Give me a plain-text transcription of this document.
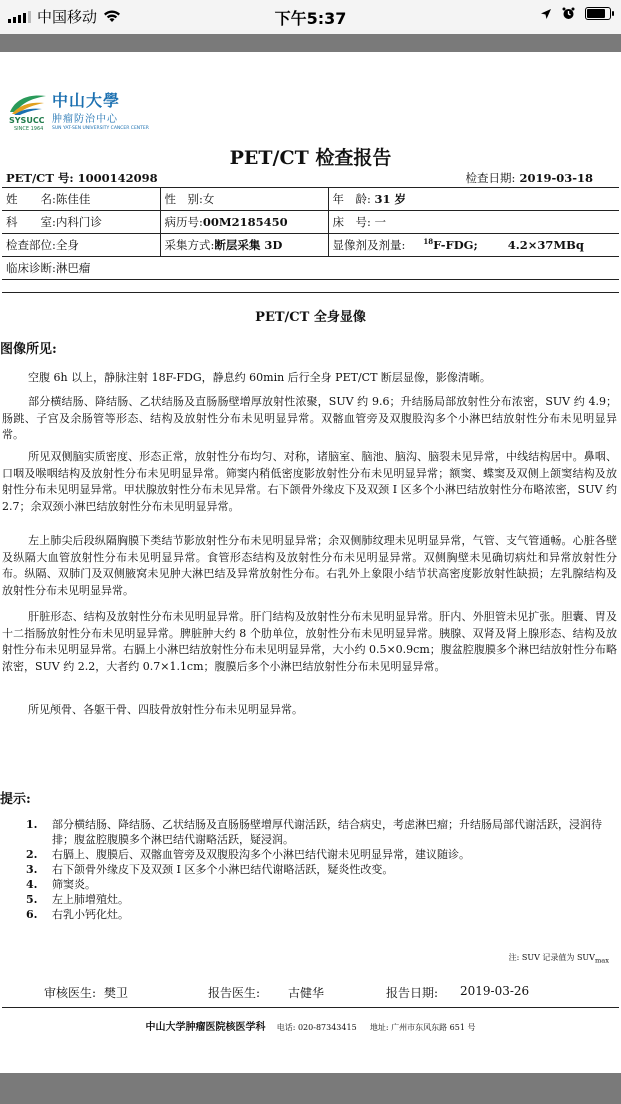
中国移动	下午5:37
SYSUCC
SINCE 1964
中山大學
肿瘤防治中心
SUN YAT-SEN UNIVERSITY CANCER CENTER
PET/CT 检查报告
PET/CT 号: 1000142098	检查日期: 2019-03-18
姓　　名:陈佳佳	性　别:女	年　龄: 31 岁
科　　室:内科门诊	病历号:00M2185450	床　号: 一
检查部位:全身	采集方式:断层采集 3D	显像剂及剂量: $^{18}$F-FDG; 4.2×37MBq
临床诊断:淋巴瘤		
PET/CT 全身显像
图像所见:
空腹 6h 以上，静脉注射 18F-FDG，静息约 60min 后行全身 PET/CT 断层显像，影像清晰。
部分横结肠、降结肠、乙状结肠及直肠肠壁增厚放射性浓聚，SUV 约 9.6；升结肠局部放射性分布浓密，SUV 约 4.9；肠跳、子宫及余肠管等形态、结构及放射性分布未见明显异常。双髂血管旁及双腹股沟多个小淋巴结放射性分布未见明显异常。
所见双侧脑实质密度、形态正常，放射性分布均匀、对称，诸脑室、脑池、脑沟、脑裂未见异常，中线结构居中。鼻咽、口咽及喉咽结构及放射性分布未见明显异常。筛窦内稍低密度影放射性分布未见明显异常；额窦、蝶窦及双侧上颌窦结构及放射性分布未见明显异常。甲状腺放射性分布未见异常。右下颌骨外缘皮下及双颈 I 区多个小淋巴结放射性分布略浓密，SUV 约 2.7；余双颈小淋巴结放射性分布未见明显异常。
左上肺尖后段纵隔胸膜下类结节影放射性分布未见明显异常；余双侧肺纹理未见明显异常，气管、支气管通畅。心脏各壁及纵隔大血管放射性分布未见明显异常。食管形态结构及放射性分布未见明显异常。双侧胸壁未见确切病灶和异常放射性分布。纵隔、双肺门及双侧腋窝未见肿大淋巴结及异常放射性分布。右乳外上象限小结节状高密度影放射性缺损；左乳腺结构及放射性分布未见明显异常。
肝脏形态、结构及放射性分布未见明显异常。肝门结构及放射性分布未见明显异常。肝内、外胆管未见扩张。胆囊、胃及十二指肠放射性分布未见明显异常。脾脏肿大约 8 个肋单位，放射性分布未见明显异常。胰腺、双肾及肾上腺形态、结构及放射性分布未见明显异常。右膈上小淋巴结放射性分布未见明显异常，大小约 0.5×0.9cm；腹盆腔腹膜多个淋巴结放射性分布略浓密，SUV 约 2.2，大者约 0.7×1.1cm；腹膜后多个小淋巴结放射性分布未见明显异常。
所见颅骨、各躯干骨、四肢骨放射性分布未见明显异常。
提示:
1.	部分横结肠、降结肠、乙状结肠及直肠肠壁增厚代谢活跃，结合病史，考虑淋巴瘤；升结肠局部代谢活跃，浸润待排；腹盆腔腹膜多个淋巴结代谢略活跃，疑浸润。
2.	右膈上、腹膜后、双髂血管旁及双腹股沟多个小淋巴结代谢未见明显异常，建议随诊。
3.	右下颌骨外缘皮下及双颈 I 区多个小淋巴结代谢略活跃，疑炎性改变。
4.	筛窦炎。
5.	左上肺增殖灶。
6.	右乳小钙化灶。
注: SUV 记录值为 $SUV_{max}$
审核医生: 樊卫	报告医生:	古健华	报告日期:	2019-03-26
中山大学肿瘤医院核医学科 电话: 020-87343415 地址: 广州市东风东路 651 号
